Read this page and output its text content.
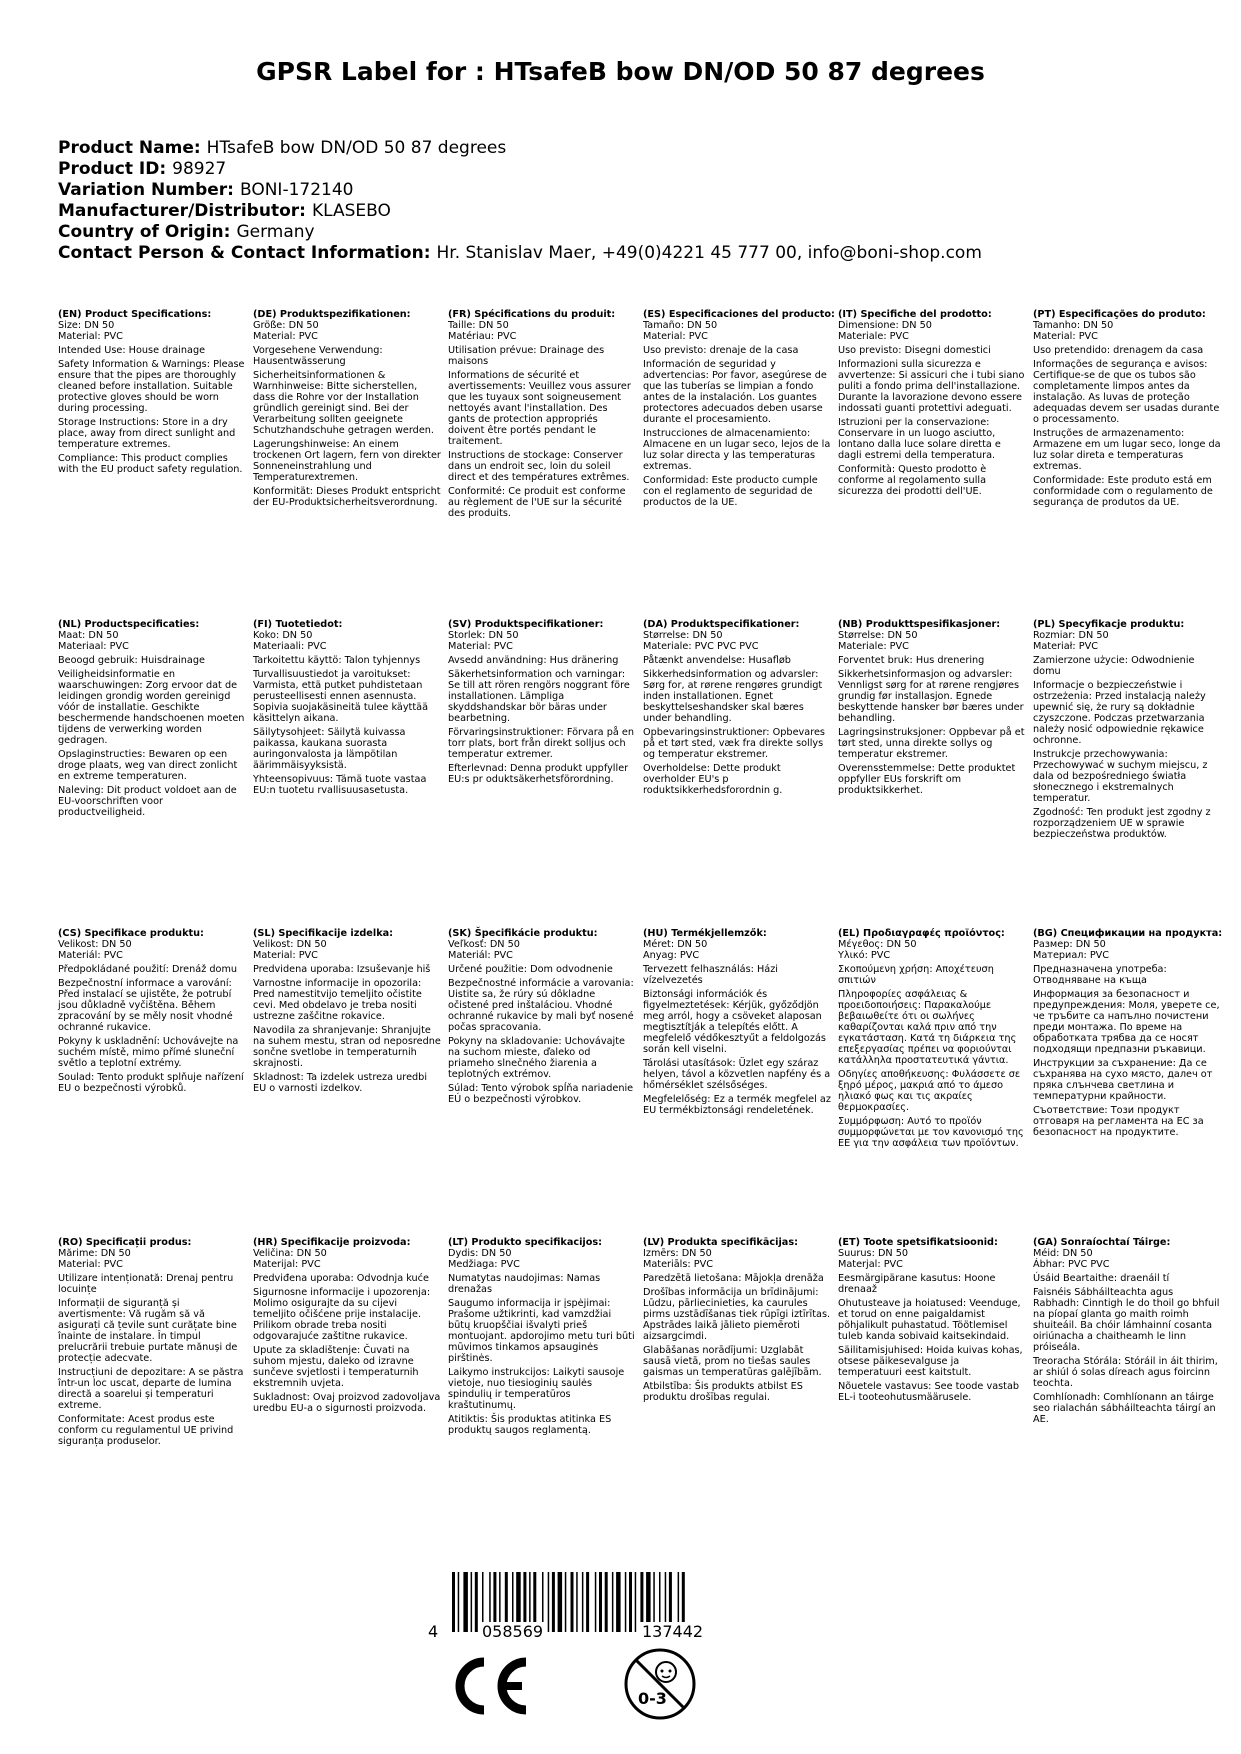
GPSR Label for : HTsafeB bow DN/OD 50 87 degrees
Product Name: HTsafeB bow DN/OD 50 87 degrees
Product ID: 98927
Variation Number: BONI-172140
Manufacturer/Distributor: KLASEBO
Country of Origin: Germany
Contact Person & Contact Information: Hr. Stanislav Maer, +49(0)4221 45 777 00, info@boni-shop.com
(EN) Product Specifications:
Size: DN 50
Material: PVC
Intended Use: House drainage
Safety Information & Warnings: Please ensure that the pipes are thoroughly cleaned before installation. Suitable protective gloves should be worn during processing.
Storage Instructions: Store in a dry place, away from direct sunlight and temperature extremes.
Compliance: This product complies with the EU product safety regulation.
(DE) Produktspezifikationen:
Größe: DN 50
Material: PVC
Vorgesehene Verwendung: Hausentwässerung
Sicherheitsinformationen & Warnhinweise: Bitte sicherstellen, dass die Rohre vor der Installation gründlich gereinigt sind. Bei der Verarbeitung sollten geeignete Schutzhandschuhe getragen werden.
Lagerungshinweise: An einem trockenen Ort lagern, fern von direkter Sonneneinstrahlung und Temperaturextremen.
Konformität: Dieses Produkt entspricht der EU-Produktsicherheitsverordnung.
(FR) Spécifications du produit:
Taille: DN 50
Matériau: PVC
Utilisation prévue: Drainage des maisons
Informations de sécurité et avertissements: Veuillez vous assurer que les tuyaux sont soigneusement nettoyés avant l'installation. Des gants de protection appropriés doivent être portés pendant le traitement.
Instructions de stockage: Conserver dans un endroit sec, loin du soleil direct et des températures extrêmes.
Conformité: Ce produit est conforme au règlement de l'UE sur la sécurité des produits.
(ES) Especificaciones del producto:
Tamaño: DN 50
Material: PVC
Uso previsto: drenaje de la casa
Información de seguridad y advertencias: Por favor, asegúrese de que las tuberías se limpian a fondo antes de la instalación. Los guantes protectores adecuados deben usarse durante el procesamiento.
Instrucciones de almacenamiento: Almacene en un lugar seco, lejos de la luz solar directa y las temperaturas extremas.
Conformidad: Este producto cumple con el reglamento de seguridad de productos de la UE.
(IT) Specifiche del prodotto:
Dimensione: DN 50
Materiale: PVC
Uso previsto: Disegni domestici
Informazioni sulla sicurezza e avvertenze: Si assicuri che i tubi siano puliti a fondo prima dell'installazione. Durante la lavorazione devono essere indossati guanti protettivi adeguati.
Istruzioni per la conservazione: Conservare in un luogo asciutto, lontano dalla luce solare diretta e dagli estremi della temperatura.
Conformità: Questo prodotto è conforme al regolamento sulla sicurezza dei prodotti dell'UE.
(PT) Especificações do produto:
Tamanho: DN 50
Material: PVC
Uso pretendido: drenagem da casa
Informações de segurança e avisos: Certifique-se de que os tubos são completamente limpos antes da instalação. As luvas de proteção adequadas devem ser usadas durante o processamento.
Instruções de armazenamento: Armazene em um lugar seco, longe da luz solar direta e temperaturas extremas.
Conformidade: Este produto está em conformidade com o regulamento de segurança de produtos da UE.
(NL) Productspecificaties:
Maat: DN 50
Materiaal: PVC
Beoogd gebruik: Huisdrainage
Veiligheidsinformatie en waarschuwingen: Zorg ervoor dat de leidingen grondig worden gereinigd vóór de installatie. Geschikte beschermende handschoenen moeten tijdens de verwerking worden gedragen.
Opslaginstructies: Bewaren op een droge plaats, weg van direct zonlicht en extreme temperaturen.
Naleving: Dit product voldoet aan de EU-voorschriften voor productveiligheid.
(FI) Tuotetiedot:
Koko: DN 50
Materiaali: PVC
Tarkoitettu käyttö: Talon tyhjennys
Turvallisuustiedot ja varoitukset: Varmista, että putket puhdistetaan perusteellisesti ennen asennusta. Sopivia suojakäsineitä tulee käyttää käsittelyn aikana.
Säilytysohjeet: Säilytä kuivassa paikassa, kaukana suorasta auringonvalosta ja lämpötilan äärimmäisyyksistä.
Yhteensopivuus: Tämä tuote vastaa EU:n tuotetu rvallisuusasetusta.
(SV) Produktspecifikationer:
Storlek: DN 50
Material: PVC
Avsedd användning: Hus dränering
Säkerhetsinformation och varningar: Se till att rören rengörs noggrant före installationen. Lämpliga skyddshandskar bör bäras under bearbetning.
Förvaringsinstruktioner: Förvara på en torr plats, bort från direkt solljus och temperatur extremer.
Efterlevnad: Denna produkt uppfyller EU:s pr oduktsäkerhetsförordning.
(DA) Produktspecifikationer:
Størrelse: DN 50
Materiale: PVC PVC PVC
Påtænkt anvendelse: Husafløb
Sikkerhedsinformation og advarsler: Sørg for, at rørene rengøres grundigt inden installationen. Egnet beskyttelseshandsker skal bæres under behandling.
Opbevaringsinstruktioner: Opbevares på et tørt sted, væk fra direkte sollys og temperatur ekstremer.
Overholdelse: Dette produkt overholder EU's p roduktsikkerhedsforordnin g.
(NB) Produkttspesifikasjoner:
Størrelse: DN 50
Materiale: PVC
Forventet bruk: Hus drenering
Sikkerhetsinformasjon og advarsler: Vennligst sørg for at rørene rengjøres grundig før installasjon. Egnede beskyttende hansker bør bæres under behandling.
Lagringsinstruksjoner: Oppbevar på et tørt sted, unna direkte sollys og temperatur ekstremer.
Overensstemmelse: Dette produktet oppfyller EUs forskrift om produktsikkerhet.
(PL) Specyfikacje produktu:
Rozmiar: DN 50
Materiał: PVC
Zamierzone użycie: Odwodnienie domu
Informacje o bezpieczeństwie i ostrzeżenia: Przed instalacją należy upewnić się, że rury są dokładnie czyszczone. Podczas przetwarzania należy nosić odpowiednie rękawice ochronne.
Instrukcje przechowywania: Przechowywać w suchym miejscu, z dala od bezpośredniego światła słonecznego i ekstremalnych temperatur.
Zgodność: Ten produkt jest zgodny z rozporządzeniem UE w sprawie bezpieczeństwa produktów.
(CS) Specifikace produktu:
Velikost: DN 50
Materiál: PVC
Předpokládané použití: Drenáž domu
Bezpečnostní informace a varování: Před instalací se ujistěte, že potrubí jsou důkladně vyčištěna. Během zpracování by se měly nosit vhodné ochranné rukavice.
Pokyny k uskladnění: Uchovávejte na suchém místě, mimo přímé sluneční světlo a teplotní extrémy.
Soulad: Tento produkt splňuje nařízení EU o bezpečnosti výrobků.
(SL) Specifikacije izdelka:
Velikost: DN 50
Material: PVC
Predvidena uporaba: Izsuševanje hiš
Varnostne informacije in opozorila: Pred namestitvijo temeljito očistite cevi. Med obdelavo je treba nositi ustrezne zaščitne rokavice.
Navodila za shranjevanje: Shranjujte na suhem mestu, stran od neposredne sončne svetlobe in temperaturnih skrajnosti.
Skladnost: Ta izdelek ustreza uredbi EU o varnosti izdelkov.
(SK) Špecifikácie produktu:
Veľkosť: DN 50
Materiál: PVC
Určené použitie: Dom odvodnenie
Bezpečnostné informácie a varovania: Uistite sa, že rúry sú dôkladne očistené pred inštaláciou. Vhodné ochranné rukavice by mali byť nosené počas spracovania.
Pokyny na skladovanie: Uchovávajte na suchom mieste, ďaleko od priameho slnečného žiarenia a teplotných extrémov.
Súlad: Tento výrobok spĺňa nariadenie EÚ o bezpečnosti výrobkov.
(HU) Termékjellemzők:
Méret: DN 50
Anyag: PVC
Tervezett felhasználás: Házi vízelvezetés
Biztonsági információk és figyelmeztetések: Kérjük, győződjön meg arról, hogy a csöveket alaposan megtisztítják a telepítés előtt. A megfelelő védőkesztyűt a feldolgozás során kell viselni.
Tárolási utasítások: Üzlet egy száraz helyen, távol a közvetlen napfény és a hőmérséklet szélsőséges.
Megfelelőség: Ez a termék megfelel az EU termékbiztonsági rendeletének.
(EL) Προδιαγραφές προϊόντος:
Μέγεθος: DN 50
Υλικό: PVC
Σκοπούμενη χρήση: Αποχέτευση σπιτιών
Πληροφορίες ασφάλειας & προειδοποιήσεις: Παρακαλούμε βεβαιωθείτε ότι οι σωλήνες καθαρίζονται καλά πριν από την εγκατάσταση. Κατά τη διάρκεια της επεξεργασίας πρέπει να φοριούνται κατάλληλα προστατευτικά γάντια.
Οδηγίες αποθήκευσης: Φυλάσσετε σε ξηρό μέρος, μακριά από το άμεσο ηλιακό φως και τις ακραίες θερμοκρασίες.
Συμμόρφωση: Αυτό το προϊόν συμμορφώνεται με τον κανονισμό της ΕΕ για την ασφάλεια των προϊόντων.
(BG) Спецификации на продукта:
Размер: DN 50
Материал: PVC
Предназначена употреба: Отводняване на къща
Информация за безопасност и предупреждения: Моля, уверете се, че тръбите са напълно почистени преди монтажа. По време на обработката трябва да се носят подходящи предпазни ръкавици.
Инструкции за съхранение: Да се съхранява на сухо място, далеч от пряка слънчева светлина и температурни крайности.
Съответствие: Този продукт отговаря на регламента на ЕС за безопасност на продуктите.
(RO) Specificații produs:
Mărime: DN 50
Material: PVC
Utilizare intenționată: Drenaj pentru locuințe
Informații de siguranță și avertismente: Vă rugăm să vă asigurați că țevile sunt curățate bine înainte de instalare. În timpul prelucrării trebuie purtate mănuși de protecție adecvate.
Instrucțiuni de depozitare: A se păstra într-un loc uscat, departe de lumina directă a soarelui și temperaturi extreme.
Conformitate: Acest produs este conform cu regulamentul UE privind siguranța produselor.
(HR) Specifikacije proizvoda:
Veličina: DN 50
Materijal: PVC
Predviđena uporaba: Odvodnja kuće
Sigurnosne informacije i upozorenja: Molimo osigurajte da su cijevi temeljito očišćene prije instalacije. Prilikom obrade treba nositi odgovarajuće zaštitne rukavice.
Upute za skladištenje: Čuvati na suhom mjestu, daleko od izravne sunčeve svjetlosti i temperaturnih ekstremnih uvjeta.
Sukladnost: Ovaj proizvod zadovoljava uredbu EU-a o sigurnosti proizvoda.
(LT) Produkto specifikacijos:
Dydis: DN 50
Medžiaga: PVC
Numatytas naudojimas: Namas drenažas
Saugumo informacija ir įspėjimai: Prašome užtikrinti, kad vamzdžiai būtų kruopščiai išvalyti prieš montuojant. apdorojimo metu turi būti mūvimos tinkamos apsauginės pirštinės.
Laikymo instrukcijos: Laikyti sausoje vietoje, nuo tiesioginių saulės spindulių ir temperatūros kraštutinumų.
Atitiktis: Šis produktas atitinka ES produktų saugos reglamentą.
(LV) Produkta specifikācijas:
Izmērs: DN 50
Materiāls: PVC
Paredzētā lietošana: Mājokļa drenāža
Drošības informācija un brīdinājumi: Lūdzu, pārliecinieties, ka caurules pirms uzstādīšanas tiek rūpīgi iztīrītas. Apstrādes laikā jālieto piemēroti aizsargcimdi.
Glabāšanas norādījumi: Uzglabāt sausā vietā, prom no tiešas saules gaismas un temperatūras galējībām.
Atbilstība: Šis produkts atbilst ES produktu drošības regulai.
(ET) Toote spetsifikatsioonid:
Suurus: DN 50
Materjal: PVC
Eesmärgipärane kasutus: Hoone drenaaž
Ohutusteave ja hoiatused: Veenduge, et torud on enne paigaldamist põhjalikult puhastatud. Töötlemisel tuleb kanda sobivaid kaitsekindaid.
Säilitamisjuhised: Hoida kuivas kohas, otsese päikesevalguse ja temperatuuri eest kaitstult.
Nõuetele vastavus: See toode vastab EL-i tooteohutusmäärusele.
(GA) Sonraíochtaí Táirge:
Méid: DN 50
Ábhar: PVC PVC
Úsáid Beartaithe: draenáil tí
Faisnéis Sábháilteachta agus Rabhadh: Cinntigh le do thoil go bhfuil na píopaí glanta go maith roimh shuiteáil. Ba chóir lámhainní cosanta oiriúnacha a chaitheamh le linn próiseála.
Treoracha Stórála: Stóráil in áit thirim, ar shiúl ó solas díreach agus foircinn teochta.
Comhlíonadh: Comhlíonann an táirge seo rialachán sábháilteachta táirgí an AE.
4	058569	137442
0-3
